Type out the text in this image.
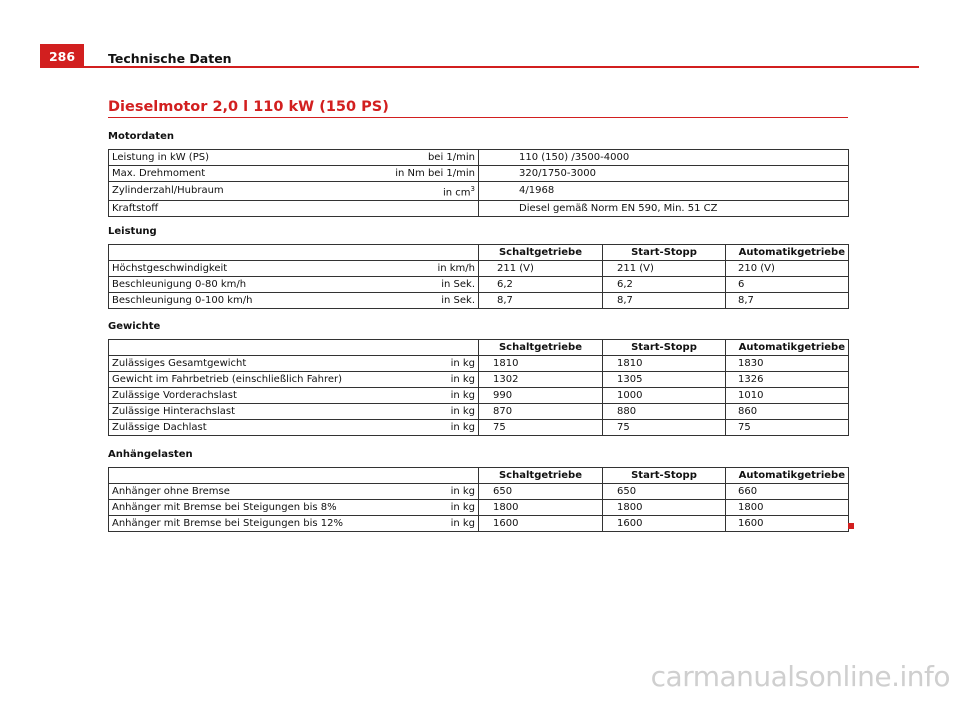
286	Technische Daten
Dieselmotor 2,0 l 110 kW (150 PS)
Motordaten
Leistung in kW (PS)	bei 1/min	110 (150) /3500-4000
Max. Drehmoment	in Nm bei 1/min	320/1750-3000
Zylinderzahl/Hubraum	in $cm^3$	4/1968
Kraftstoff		Diesel gemäß Norm EN 590, Min. 51 CZ
Leistung
		Schaltgetriebe	Start-Stopp	Automatikgetriebe
Höchstgeschwindigkeit	in km/h	211 (V)	211 (V)	210 (V)
Beschleunigung 0-80 km/h	in Sek.	6,2	6,2	6
Beschleunigung 0-100 km/h	in Sek.	8,7	8,7	8,7
Gewichte
		Schaltgetriebe	Start-Stopp	Automatikgetriebe
Zulässiges Gesamtgewicht	in kg	1810	1810	1830
Gewicht im Fahrbetrieb (einschließlich Fahrer)	in kg	1302	1305	1326
Zulässige Vorderachslast	in kg	990	1000	1010
Zulässige Hinterachslast	in kg	870	880	860
Zulässige Dachlast	in kg	75	75	75
Anhängelasten
		Schaltgetriebe	Start-Stopp	Automatikgetriebe
Anhänger ohne Bremse	in kg	650	650	660
Anhänger mit Bremse bei Steigungen bis 8%	in kg	1800	1800	1800
Anhänger mit Bremse bei Steigungen bis 12%	in kg	1600	1600	1600
carmanualsonline.info
